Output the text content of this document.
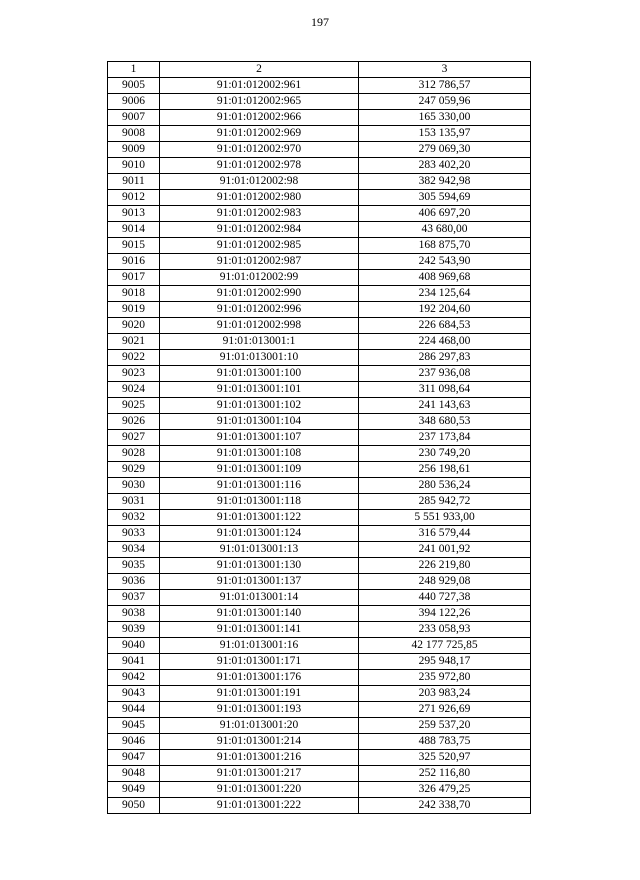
197
1	2	3
9005	91:01:012002:961	312 786,57
9006	91:01:012002:965	247 059,96
9007	91:01:012002:966	165 330,00
9008	91:01:012002:969	153 135,97
9009	91:01:012002:970	279 069,30
9010	91:01:012002:978	283 402,20
9011	91:01:012002:98	382 942,98
9012	91:01:012002:980	305 594,69
9013	91:01:012002:983	406 697,20
9014	91:01:012002:984	43 680,00
9015	91:01:012002:985	168 875,70
9016	91:01:012002:987	242 543,90
9017	91:01:012002:99	408 969,68
9018	91:01:012002:990	234 125,64
9019	91:01:012002:996	192 204,60
9020	91:01:012002:998	226 684,53
9021	91:01:013001:1	224 468,00
9022	91:01:013001:10	286 297,83
9023	91:01:013001:100	237 936,08
9024	91:01:013001:101	311 098,64
9025	91:01:013001:102	241 143,63
9026	91:01:013001:104	348 680,53
9027	91:01:013001:107	237 173,84
9028	91:01:013001:108	230 749,20
9029	91:01:013001:109	256 198,61
9030	91:01:013001:116	280 536,24
9031	91:01:013001:118	285 942,72
9032	91:01:013001:122	5 551 933,00
9033	91:01:013001:124	316 579,44
9034	91:01:013001:13	241 001,92
9035	91:01:013001:130	226 219,80
9036	91:01:013001:137	248 929,08
9037	91:01:013001:14	440 727,38
9038	91:01:013001:140	394 122,26
9039	91:01:013001:141	233 058,93
9040	91:01:013001:16	42 177 725,85
9041	91:01:013001:171	295 948,17
9042	91:01:013001:176	235 972,80
9043	91:01:013001:191	203 983,24
9044	91:01:013001:193	271 926,69
9045	91:01:013001:20	259 537,20
9046	91:01:013001:214	488 783,75
9047	91:01:013001:216	325 520,97
9048	91:01:013001:217	252 116,80
9049	91:01:013001:220	326 479,25
9050	91:01:013001:222	242 338,70
